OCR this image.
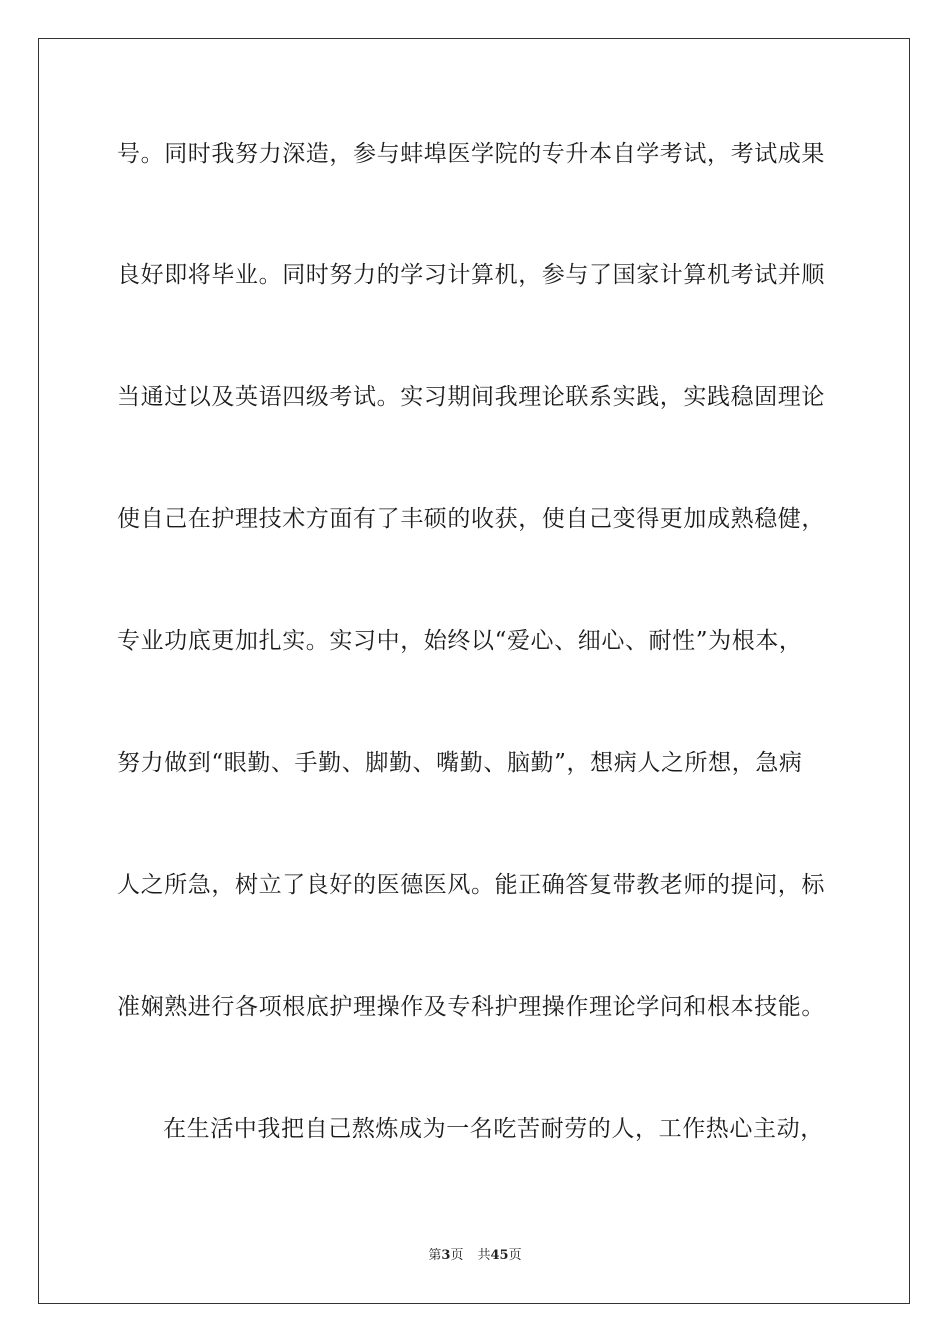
号。同时我努力深造，参与蚌埠医学院的专升本自学考试，考试成果
良好即将毕业。同时努力的学习计算机，参与了国家计算机考试并顺
当通过以及英语四级考试。实习期间我理论联系实践，实践稳固理论
使自己在护理技术方面有了丰硕的收获，使自己变得更加成熟稳健，
专业功底更加扎实。实习中，始终以“爱心、细心、耐性”为根本，
努力做到“眼勤、手勤、脚勤、嘴勤、脑勤”，想病人之所想，急病
人之所急，树立了良好的医德医风。能正确答复带教老师的提问，标
准娴熟进行各项根底护理操作及专科护理操作理论学问和根本技能。
在生活中我把自己熬炼成为一名吃苦耐劳的人，工作热心主动，
第3页 共45页
